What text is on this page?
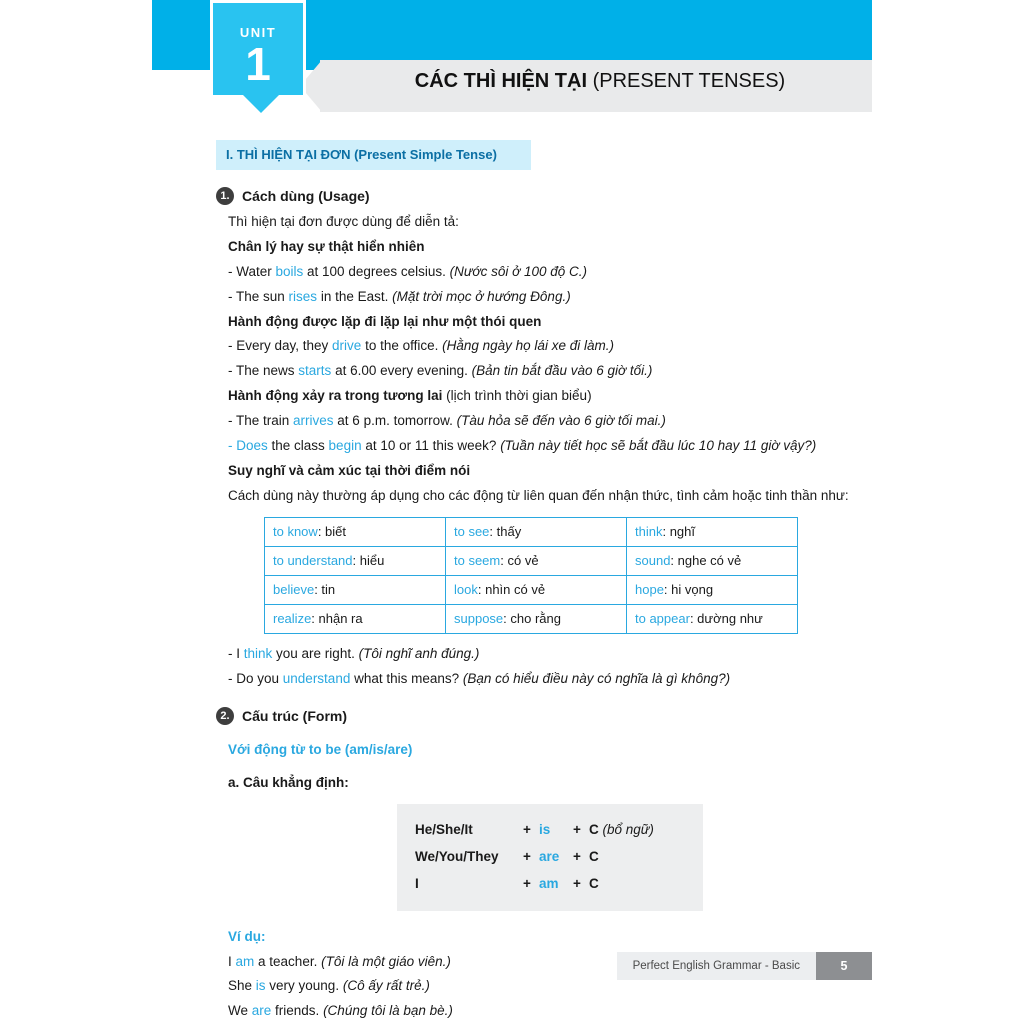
UNIT
1	CÁC THÌ HIỆN TẠI (PRESENT TENSES)
I. THÌ HIỆN TẠI ĐƠN (Present Simple Tense)
1. Cách dùng (Usage)
Thì hiện tại đơn được dùng để diễn tả:
Chân lý hay sự thật hiển nhiên
- Water boils at 100 degrees celsius. (Nước sôi ở 100 độ C.)
- The sun rises in the East. (Mặt trời mọc ở hướng Đông.)
Hành động được lặp đi lặp lại như một thói quen
- Every day, they drive to the office. (Hằng ngày họ lái xe đi làm.)
- The news starts at 6.00 every evening. (Bản tin bắt đầu vào 6 giờ tối.)
Hành động xảy ra trong tương lai (lịch trình thời gian biểu)
- The train arrives at 6 p.m. tomorrow. (Tàu hỏa sẽ đến vào 6 giờ tối mai.)
- Does the class begin at 10 or 11 this week? (Tuần này tiết học sẽ bắt đầu lúc 10 hay 11 giờ vậy?)
Suy nghĩ và cảm xúc tại thời điểm nói
Cách dùng này thường áp dụng cho các động từ liên quan đến nhận thức, tình cảm hoặc tinh thần như:
to know: biết	to see: thấy	think: nghĩ
to understand: hiểu	to seem: có vẻ	sound: nghe có vẻ
believe: tin	look: nhìn có vẻ	hope: hi vọng
realize: nhận ra	suppose: cho rằng	to appear: dường như
- I think you are right. (Tôi nghĩ anh đúng.)
- Do you understand what this means? (Bạn có hiểu điều này có nghĩa là gì không?)
2. Cấu trúc (Form)
Với động từ to be (am/is/are)
a. Câu khẳng định:
He/She/It	+ is	+ C (bổ ngữ)
We/You/They	+ are	+ C
I	+ am	+ C
Ví dụ:
I am a teacher. (Tôi là một giáo viên.)
She is very young. (Cô ấy rất trẻ.)
We are friends. (Chúng tôi là bạn bè.)
Perfect English Grammar - Basic	5
